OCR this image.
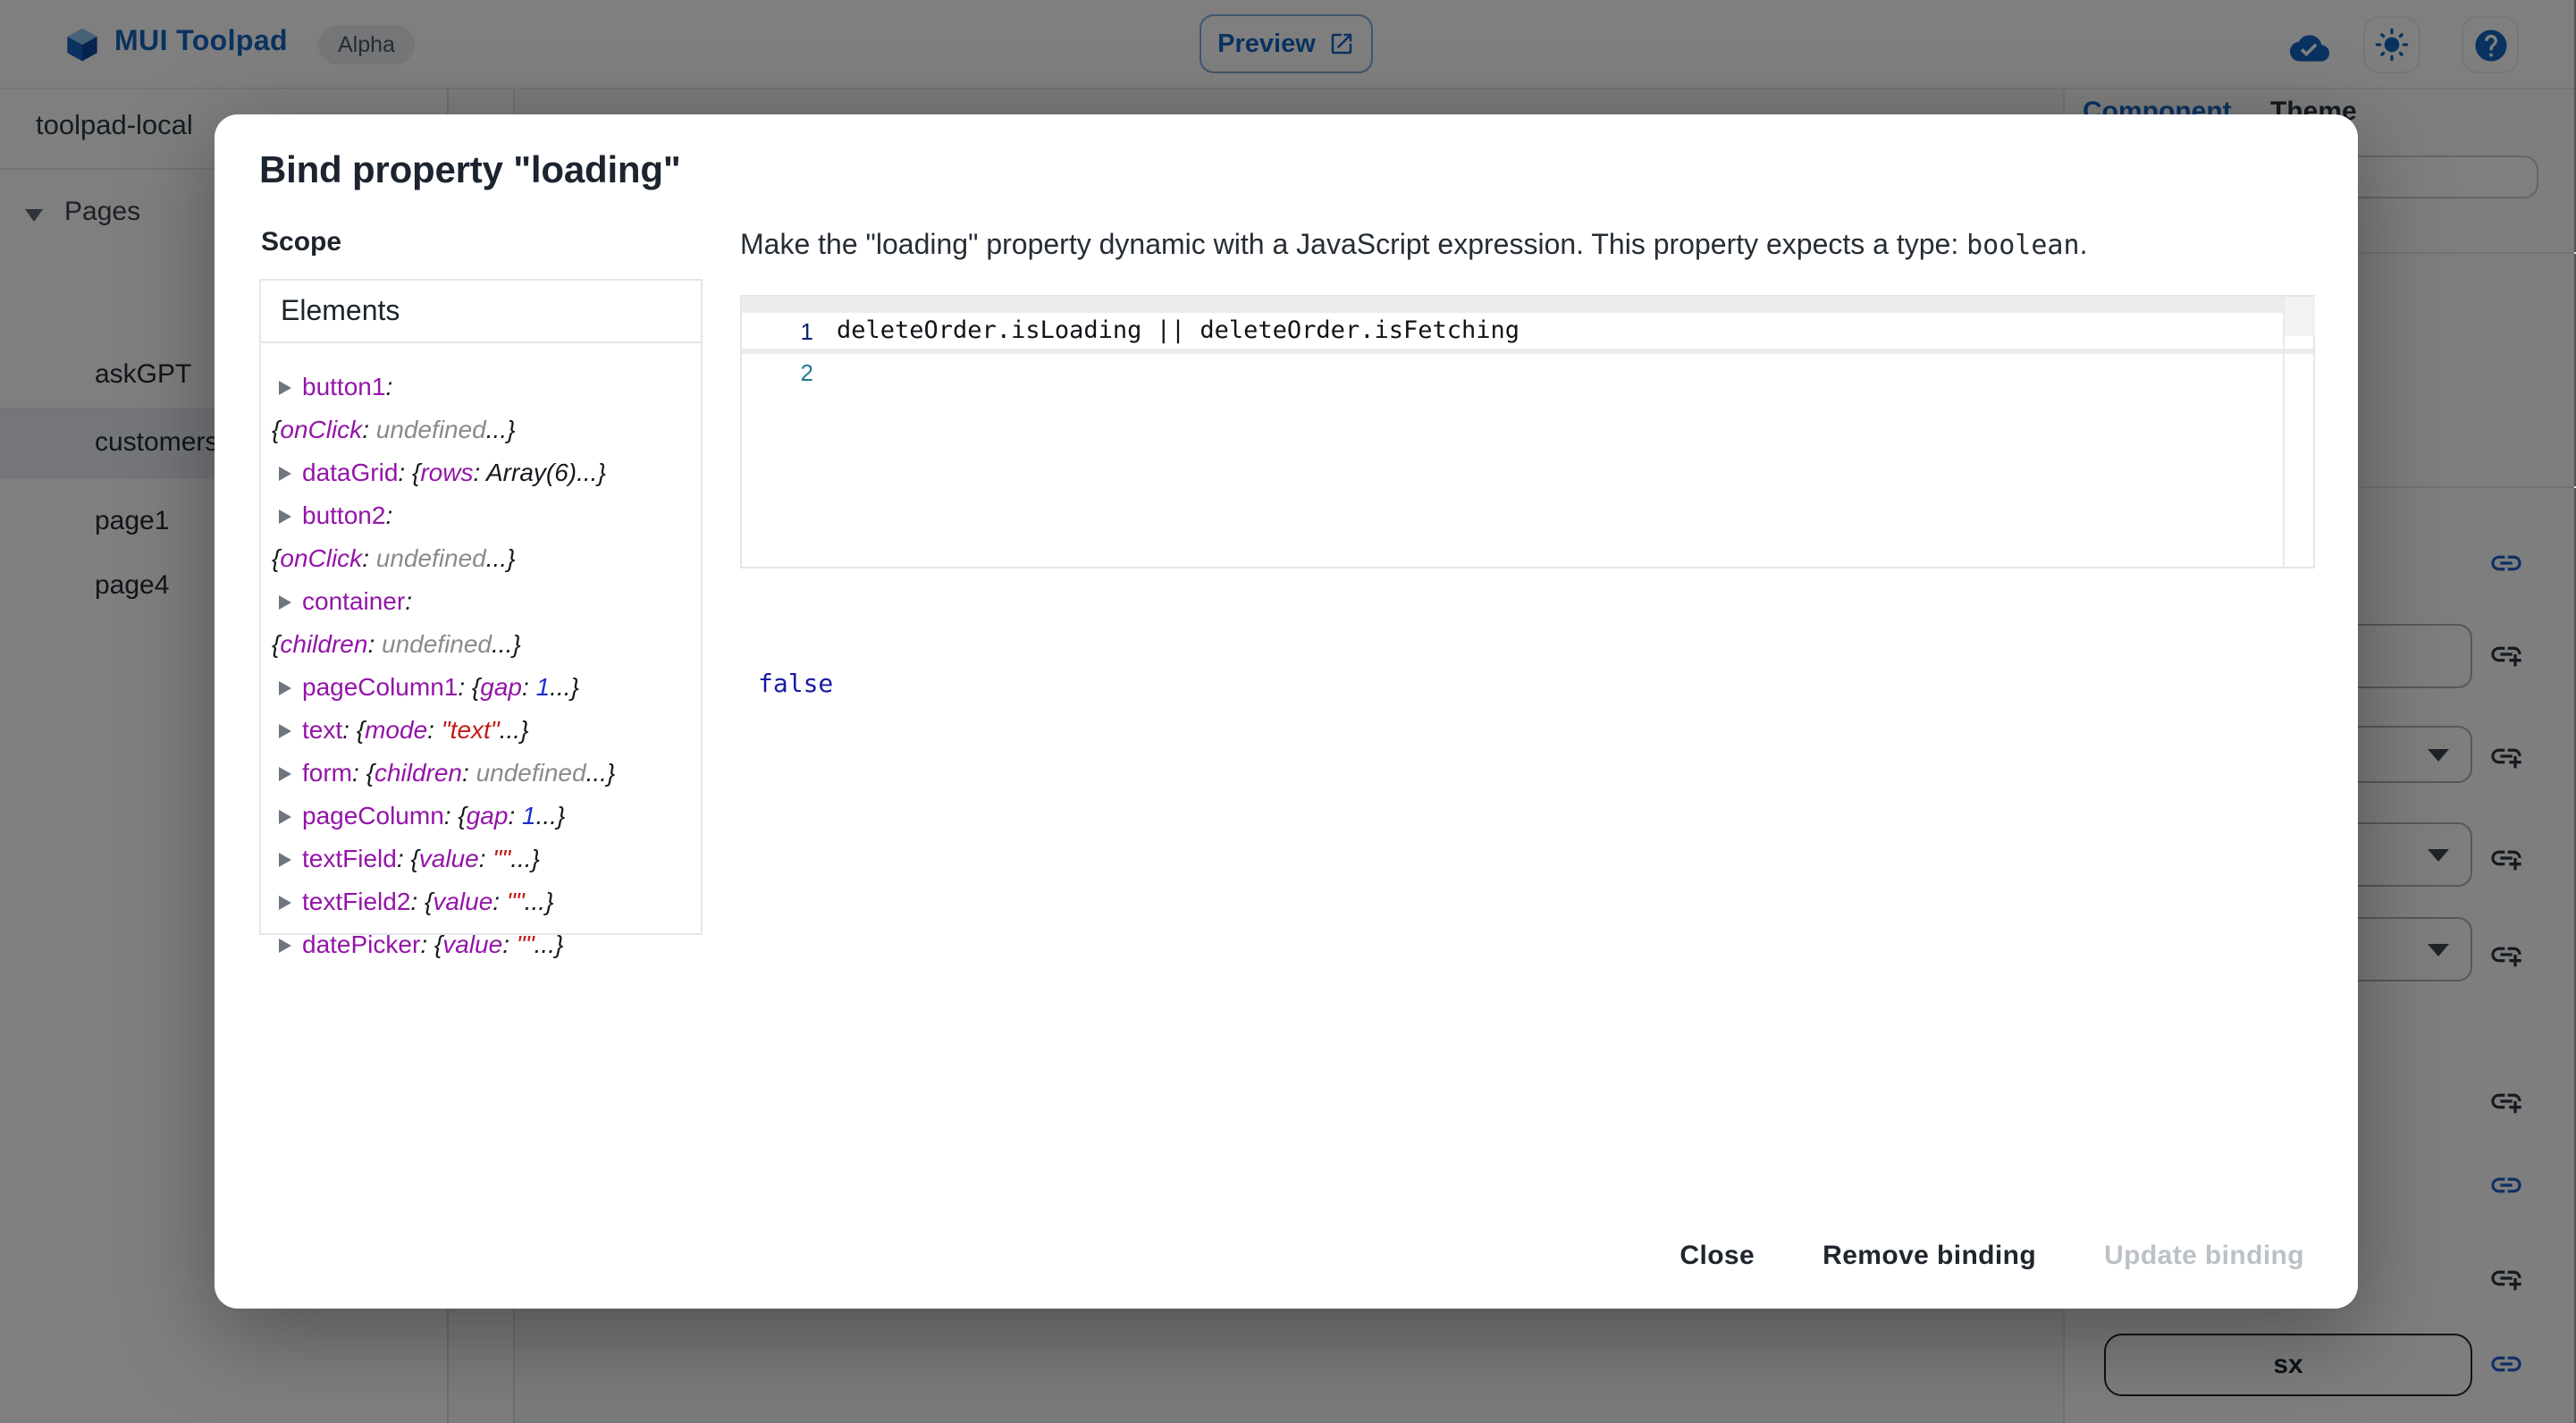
Bind property "loading"
Scope
Elements
button1:
{onClick: undefined...}
dataGrid: {rows: Array(6)...}
button2:
{onClick: undefined...}
container:
{children: undefined...}
pageColumn1: {gap: 1...}
text: {mode: "text"...}
form: {children: undefined...}
pageColumn: {gap: 1...}
textField: {value: ""...}
textField2: {value: ""...}
datePicker: {value: ""...}
Make the "loading" property dynamic with a JavaScript expression. This property expects a type: boolean.
1	deleteOrder.isLoading || deleteOrder.isFetching
2
false
Close	Remove binding	Update binding
